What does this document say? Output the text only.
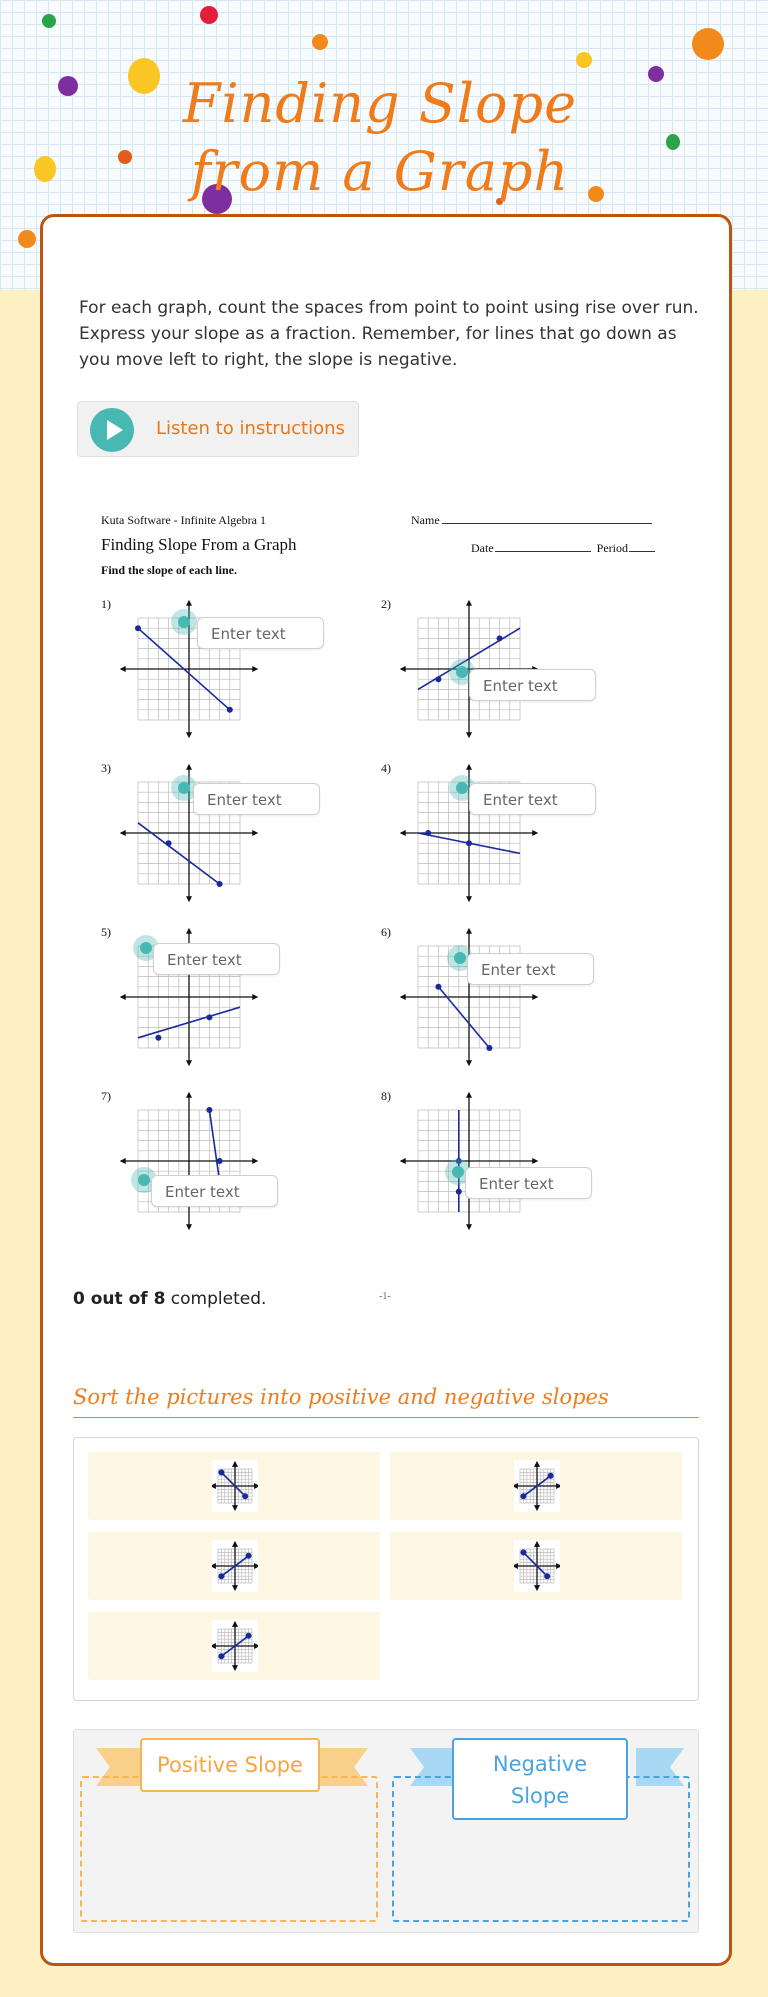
Finding Slope from a Graph
For each graph, count the spaces from point to point using rise over run. Express your slope as a fraction. Remember, for lines that go down as you move left to right, the slope is negative.
Listen to instructions
Kuta Software - Infinite Algebra 1	Name
Finding Slope From a Graph	Date	Period
Find the slope of each line.
1)
Enter text
2)
Enter text
3)
Enter text
4)
Enter text
5)
Enter text
6)
Enter text
7)
Enter text
8)
Enter text
-1-
0 out of 8 completed.
Sort the pictures into positive and negative slopes
Positive Slope	Negative Slope
